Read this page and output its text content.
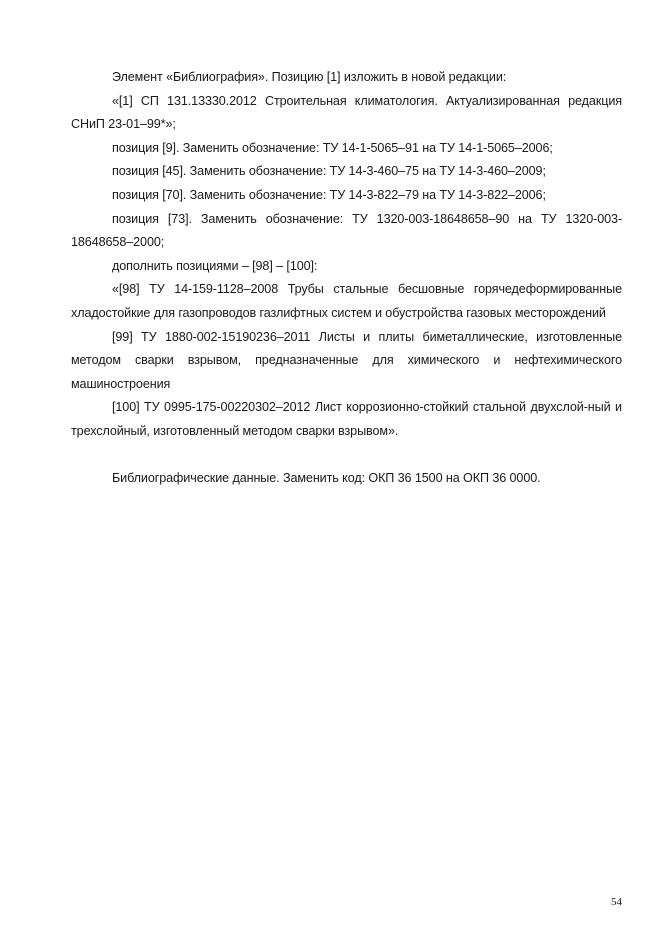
Элемент «Библиография». Позицию [1] изложить в новой редакции:

«[1] СП 131.13330.2012 Строительная климатология. Актуализированная редакция СНиП 23-01–99*»;

позиция [9]. Заменить обозначение: ТУ 14-1-5065–91 на ТУ 14-1-5065–2006;

позиция [45]. Заменить обозначение: ТУ 14-3-460–75 на ТУ 14-3-460–2009;

позиция [70]. Заменить обозначение: ТУ 14-3-822–79 на ТУ 14-3-822–2006;

позиция [73]. Заменить обозначение: ТУ 1320-003-18648658–90 на ТУ 1320-003-18648658–2000;

дополнить позициями – [98] – [100]:

«[98] ТУ 14-159-1128–2008 Трубы стальные бесшовные горячедеформированные хладостойкие для газопроводов газлифтных систем и обустройства газовых месторождений

[99] ТУ 1880-002-15190236–2011 Листы и плиты биметаллические, изготовленные методом сварки взрывом, предназначенные для химического и нефтехимического машиностроения

[100] ТУ 0995-175-00220302–2012 Лист коррозионно-стойкий стальной двухслой-ный и трехслойный, изготовленный методом сварки взрывом».

Библиографические данные. Заменить код: ОКП 36 1500 на ОКП 36 0000.

54
